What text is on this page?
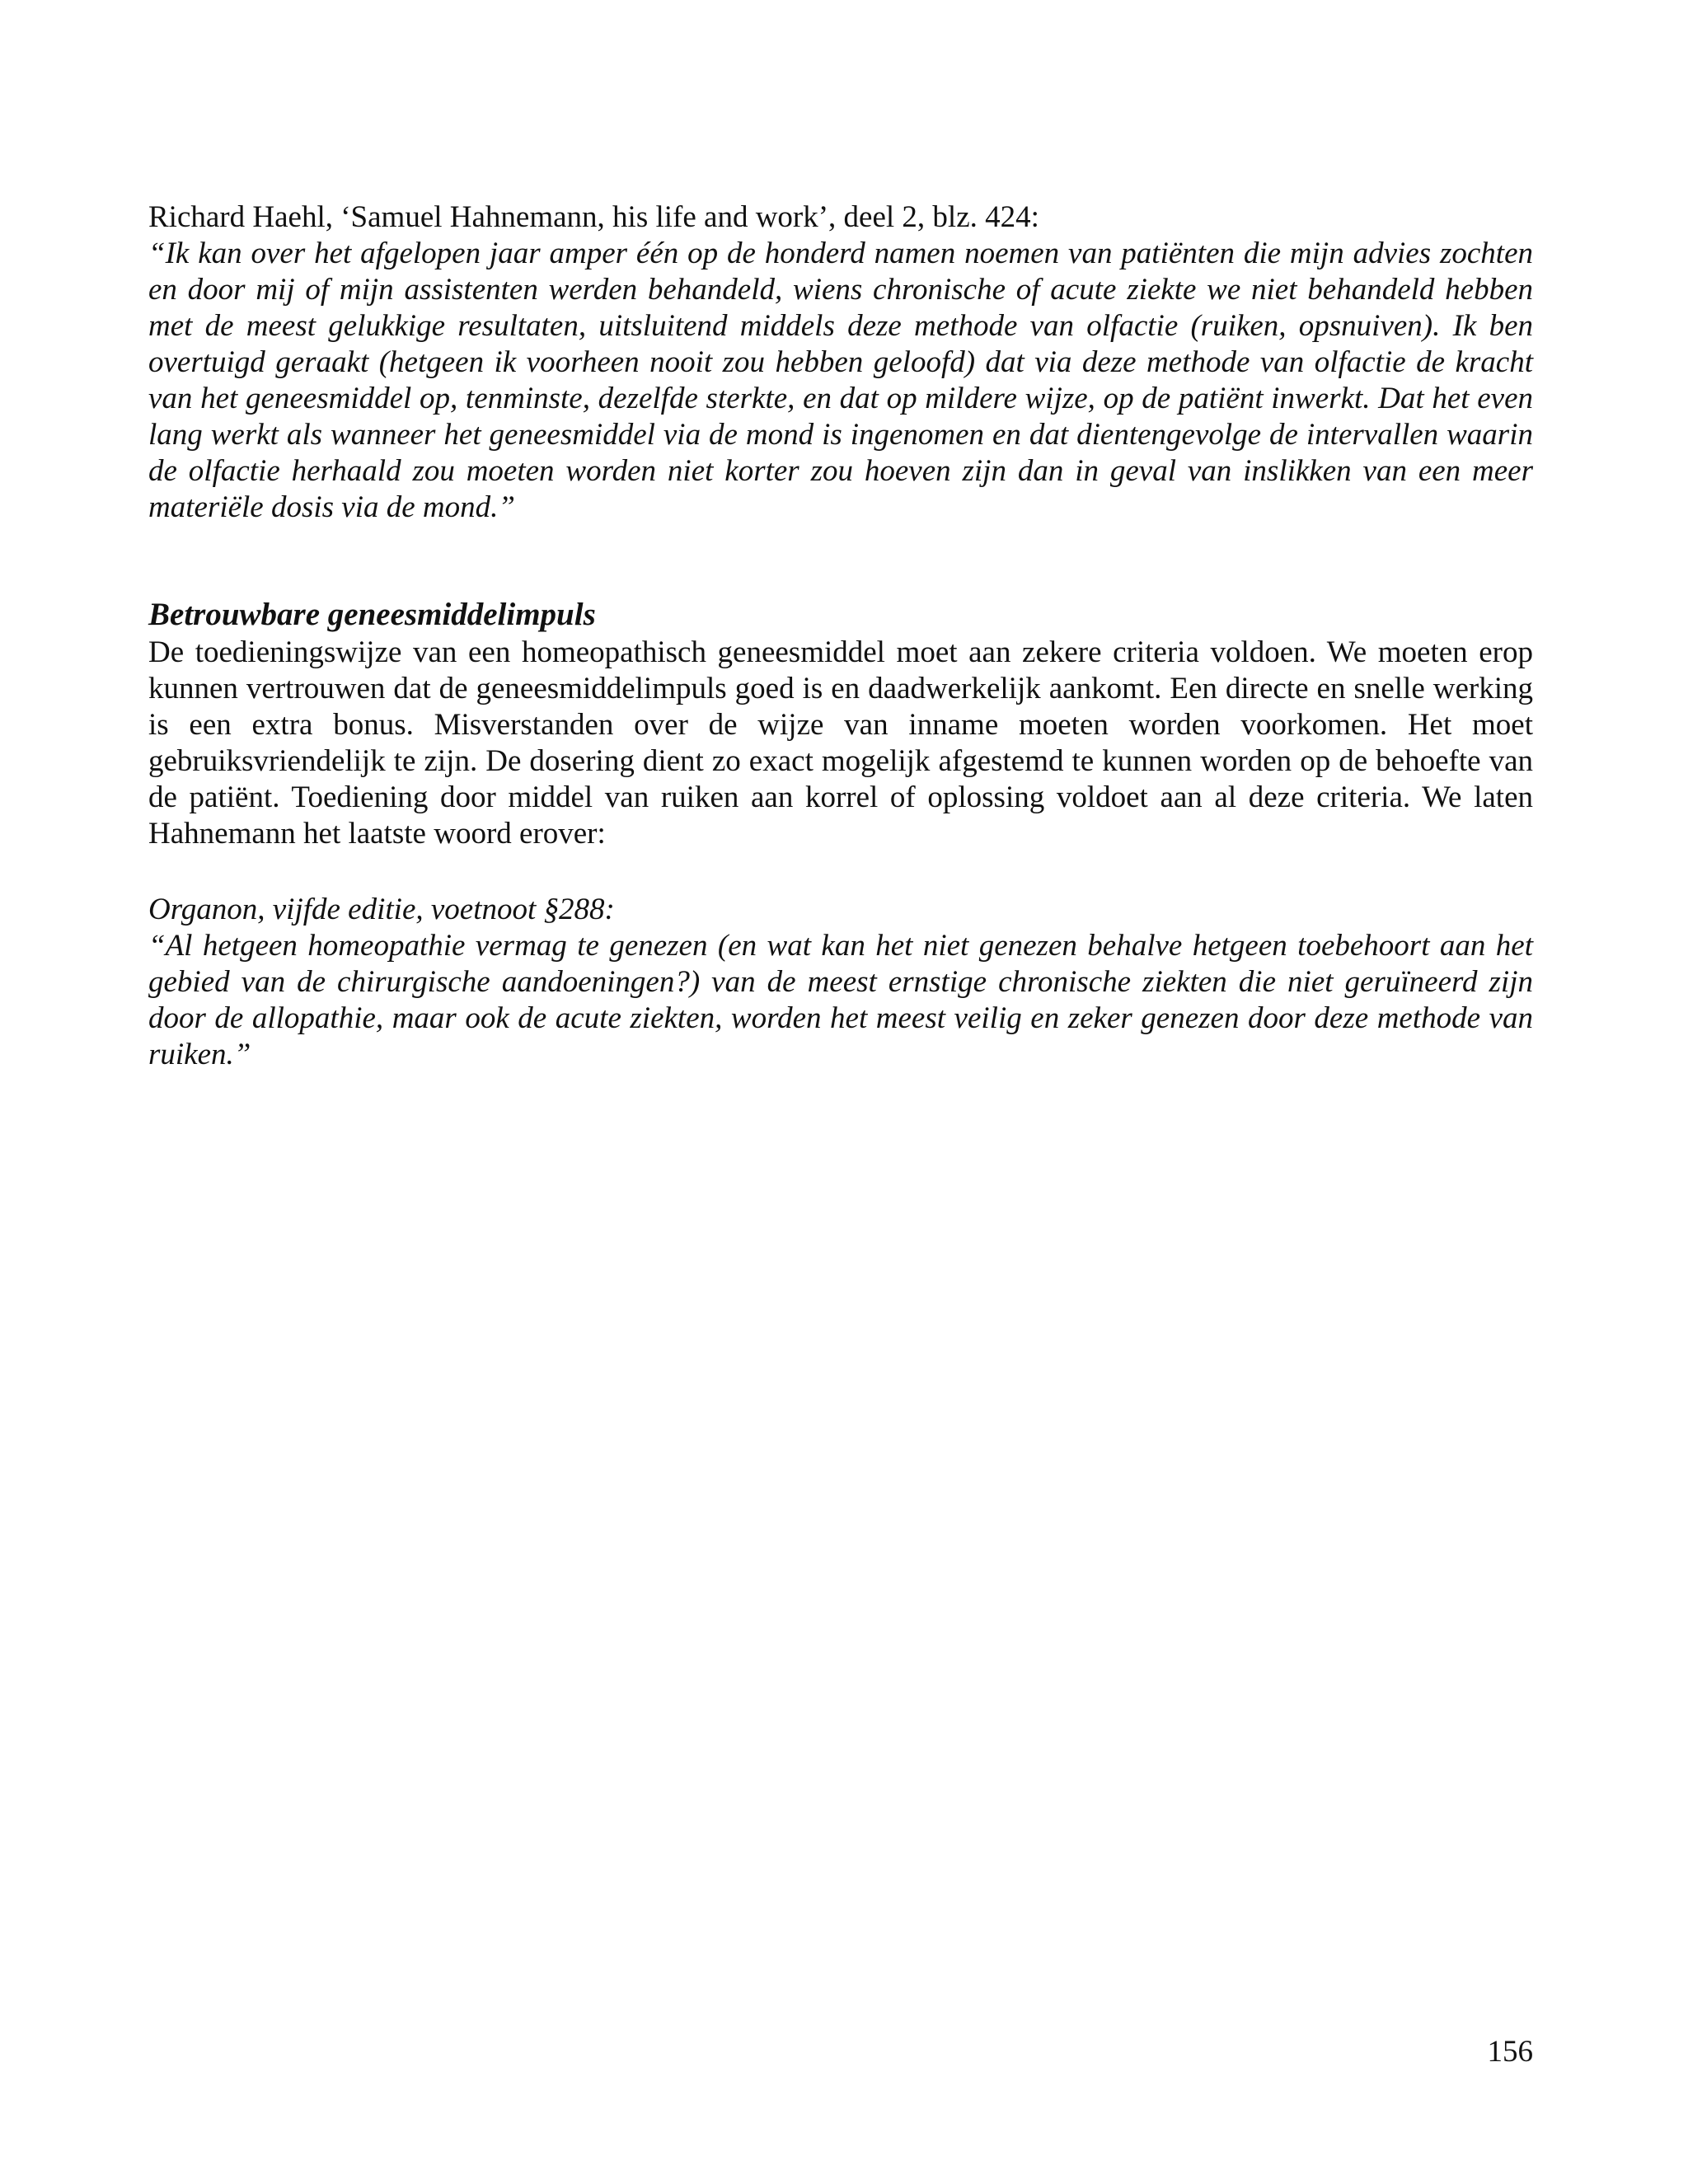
Richard Haehl, ‘Samuel Hahnemann, his life and work’, deel 2, blz. 424:

“Ik kan over het afgelopen jaar amper één op de honderd namen noemen van patiënten die mijn advies zochten en door mij of mijn assistenten werden behandeld, wiens chronische of acute ziekte we niet behandeld hebben met de meest gelukkige resultaten, uitsluitend middels deze methode van olfactie (ruiken, opsnuiven). Ik ben overtuigd geraakt (hetgeen ik voorheen nooit zou hebben geloofd) dat via deze methode van olfactie de kracht van het geneesmiddel op, tenminste, dezelfde sterkte, en dat op mildere wijze, op de patiënt inwerkt. Dat het even lang werkt als wanneer het geneesmiddel via de mond is ingenomen en dat dientengevolge de intervallen waarin de olfactie herhaald zou moeten worden niet korter zou hoeven zijn dan in geval van inslikken van een meer materiële dosis via de mond.”

Betrouwbare geneesmiddelimpuls

De toedieningswijze van een homeopathisch geneesmiddel moet aan zekere criteria voldoen. We moeten erop kunnen vertrouwen dat de geneesmiddelimpuls goed is en daadwerkelijk aankomt. Een directe en snelle werking is een extra bonus. Misverstanden over de wijze van inname moeten worden voorkomen. Het moet gebruiksvriendelijk te zijn. De dosering dient zo exact mogelijk afgestemd te kunnen worden op de behoefte van de patiënt. Toediening door middel van ruiken aan korrel of oplossing voldoet aan al deze criteria. We laten Hahnemann het laatste woord erover:

Organon, vijfde editie, voetnoot §288:

“Al hetgeen homeopathie vermag te genezen (en wat kan het niet genezen behalve hetgeen toebehoort aan het gebied van de chirurgische aandoeningen?) van de meest ernstige chronische ziekten die niet geruïneerd zijn door de allopathie, maar ook de acute ziekten, worden het meest veilig en zeker genezen door deze methode van ruiken.”

156
